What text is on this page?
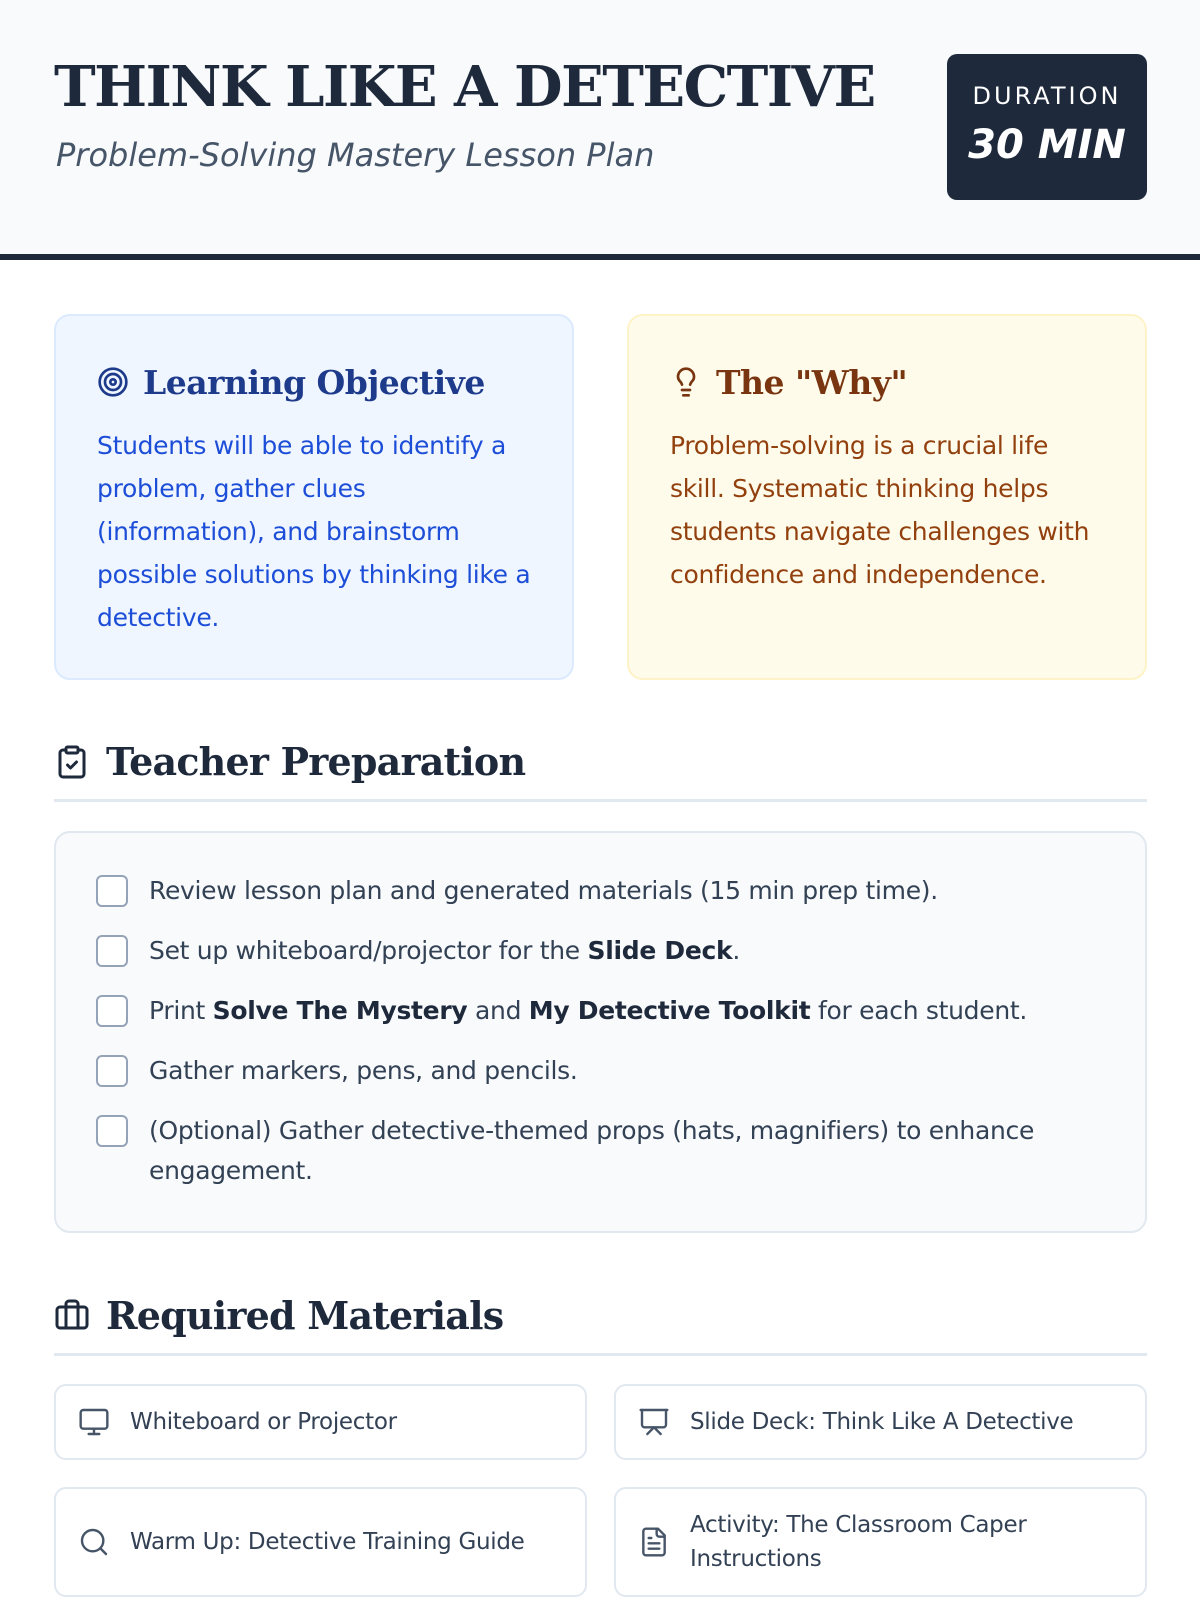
THINK LIKE A DETECTIVE
Problem-Solving Mastery Lesson Plan
DURATION
30 MIN
Learning Objective
Students will be able to identify a problem, gather clues (information), and brainstorm possible solutions by thinking like a detective.
The "Why"
Problem-solving is a crucial life skill. Systematic thinking helps students navigate challenges with confidence and independence.
Teacher Preparation
Review lesson plan and generated materials (15 min prep time).
Set up whiteboard/projector for the Slide Deck.
Print Solve The Mystery and My Detective Toolkit for each student.
Gather markers, pens, and pencils.
(Optional) Gather detective-themed props (hats, magnifiers) to enhance engagement.
Required Materials
Whiteboard or Projector	Slide Deck: Think Like A Detective
Warm Up: Detective Training Guide
Activity: The Classroom Caper Instructions
